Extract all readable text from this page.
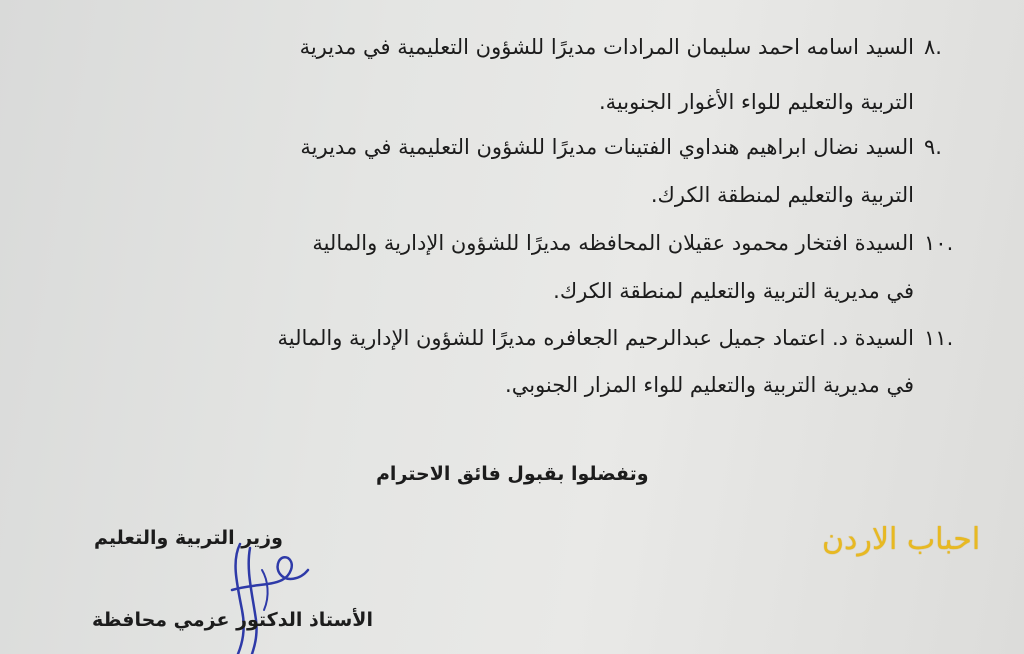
.٨
السيد اسامه احمد سليمان المرادات مديرًا للشؤون التعليمية في مديرية
التربية والتعليم للواء الأغوار الجنوبية.
.٩
السيد نضال ابراهيم هنداوي الفتينات مديرًا للشؤون التعليمية في مديرية
التربية والتعليم لمنطقة الكرك.
.١٠
السيدة افتخار محمود عقيلان المحافظه مديرًا للشؤون الإدارية والمالية
في مديرية التربية والتعليم لمنطقة الكرك.
.١١
السيدة د. اعتماد جميل عبدالرحيم الجعافره مديرًا للشؤون الإدارية والمالية
في مديرية التربية والتعليم للواء المزار الجنوبي.
وتفضلوا بقبول فائق الاحترام
وزير التربية والتعليم
الأستاذ الدكتور عزمي محافظة
احباب الاردن
